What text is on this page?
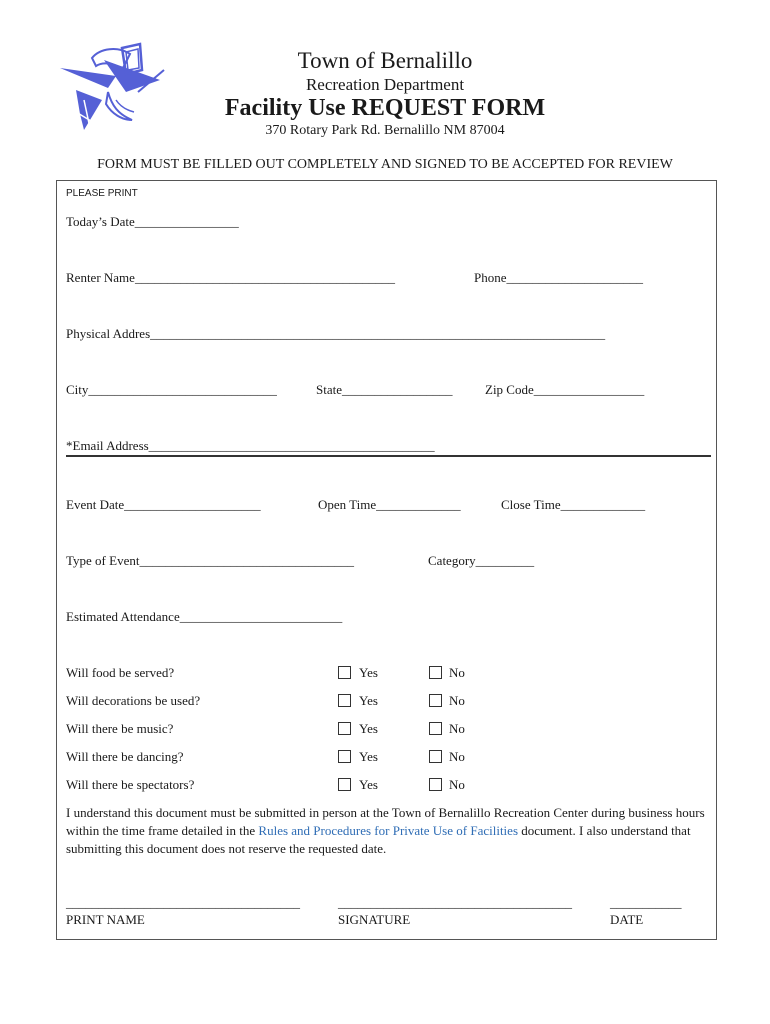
Town of Bernalillo
Recreation Department
Facility Use REQUEST FORM
370 Rotary Park Rd. Bernalillo NM 87004
FORM MUST BE FILLED OUT COMPLETELY AND SIGNED TO BE ACCEPTED FOR REVIEW
PLEASE PRINT
Today’s Date________________
Renter Name________________________________________	Phone_____________________
Physical Addres______________________________________________________________________
City_____________________________	State_________________	Zip Code_________________
*Email Address____________________________________________
Event Date_____________________	Open Time_____________	Close Time_____________
Type of Event_________________________________	Category_________
Estimated Attendance_________________________
Will food be served?	Yes	No
Will decorations be used?	Yes	No
Will there be music?	Yes	No
Will there be dancing?	Yes	No
Will there be spectators?	Yes	No
I understand this document must be submitted in person at the Town of Bernalillo Recreation Center during business hours within the time frame detailed in the Rules and Procedures for Private Use of Facilities document. I also understand that submitting this document does not reserve the requested date.
____________________________________	____________________________________	___________
PRINT NAME	SIGNATURE	DATE
